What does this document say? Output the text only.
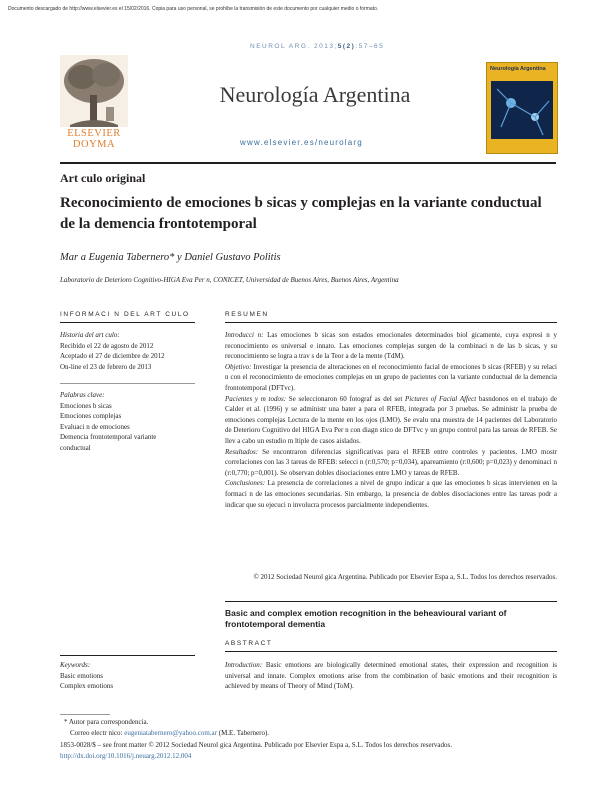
Documento descargado de http://www.elsevier.es el 15/02/2016. Copia para uso personal, se prohíbe la transmisión de este documento por cualquier medio o formato.
NEUROL ARG. 2013;5(2):57–65
ELSEVIER
DOYMA
Neurología Argentina
www.elsevier.es/neurolarg
Neurología Argentina
Art culo original
Reconocimiento de emociones b sicas y complejas en la variante conductual de la demencia frontotemporal
Mar a Eugenia Tabernero* y Daniel Gustavo Politis
Laboratorio de Deterioro Cognitivo-HIGA Eva Per n, CONICET, Universidad de Buenos Aires, Buenos Aires, Argentina
INFORMACI N DEL ART CULO
Historia del art culo:
Recibido el 22 de agosto de 2012
Aceptado el 27 de diciembre de 2012
On-line el 23 de febrero de 2013
Palabras clave:
Emociones b sicas
Emociones complejas
Evaluaci n de emociones
Demencia frontotemporal variante
conductual
Keywords:
Basic emotions
Complex emotions
RESUMEN

Introducci n: Las emociones b sicas son estados emocionales determinados biol gicamente, cuya expresi n y reconocimiento es universal e innato. Las emociones complejas surgen de la combinaci n de las b sicas, y su reconocimiento se logra a trav s de la Teor a de la mente (TdM).

Objetivo: Investigar la presencia de alteraciones en el reconocimiento facial de emociones b sicas (RFEB) y su relaci n con el reconocimiento de emociones complejas en un grupo de pacientes con la variante conductual de la demencia frontotemporal (DFTvc).

Pacientes y m todos: Se seleccionaron 60 fotograf as del set Pictures of Facial Affect basndonos en el trabajo de Calder et al. (1996) y se administr una bater a para el RFEB, integrada por 3 pruebas. Se administr la prueba de emociones complejas Lectura de la mente en los ojos (LMO). Se evalu una muestra de 14 pacientes del Laboratorio de Deterioro Cognitivo del HIGA Eva Per n con diagn stico de DFTvc y un grupo control para las tareas de RFEB. Se llev a cabo un estudio m ltiple de casos aislados.

Resultados: Se encontraron diferencias significativas para el RFEB entre controles y pacientes. LMO mostr correlaciones con las 3 tareas de RFEB: selecci n (r:0,570; p=0,034), apareamiento (r:0,600; p=0,023) y denominaci n (r:0,770; p=0,001). Se observan dobles disociaciones entre LMO y tareas de RFEB.

Conclusiones: La presencia de correlaciones a nivel de grupo indicar a que las emociones b sicas intervienen en la formaci n de las emociones secundarias. Sin embargo, la presencia de dobles disociaciones entre las tareas podr a indicar que su ejecuci n involucra procesos parcialmente independientes.

© 2012 Sociedad Neurol gica Argentina. Publicado por Elsevier Espa a, S.L. Todos los derechos reservados.
Basic and complex emotion recognition in the beheavioural variant of frontotemporal dementia
ABSTRACT
Introduction: Basic emotions are biologically determined emotional states, their expression and recognition is universal and innate. Complex emotions arise from the combination of basic emotions and their recognition is achieved by means of Theory of Mind (ToM).
* Autor para correspondencia.
Correo electr nico: eugeniatabernero@yahoo.com.ar (M.E. Tabernero).
1853-0028/$ – see front matter © 2012 Sociedad Neurol gica Argentina. Publicado por Elsevier Espa a, S.L. Todos los derechos reservados.
http://dx.doi.org/10.1016/j.neuarg.2012.12.004
